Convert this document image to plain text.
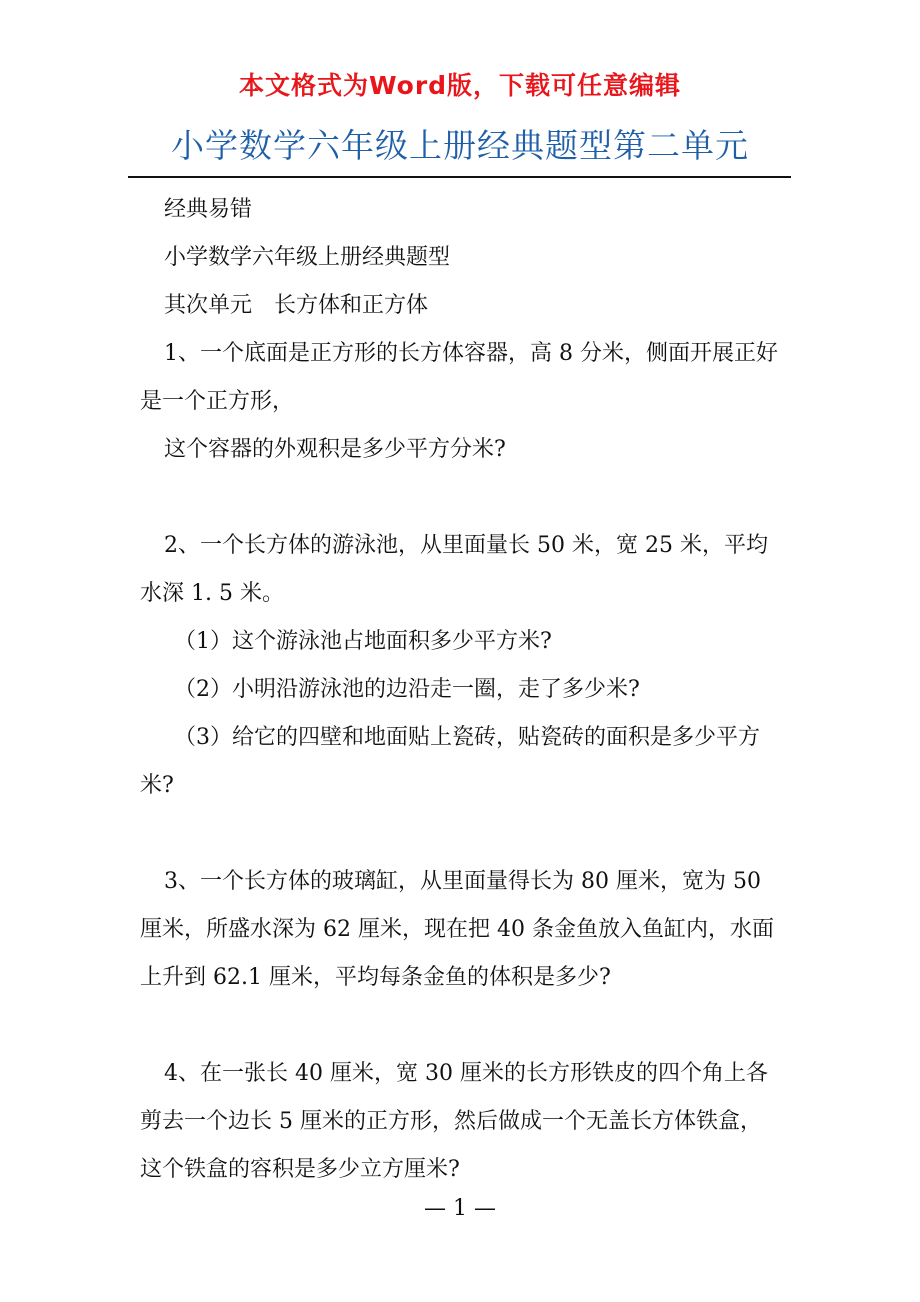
本文格式为Word版，下载可任意编辑
小学数学六年级上册经典题型第二单元

经典易错

小学数学六年级上册经典题型

其次单元　长方体和正方体

1、一个底面是正方形的长方体容器，高 8 分米，侧面开展正好是一个正方形，

这个容器的外观积是多少平方分米?

2、一个长方体的游泳池，从里面量长 50 米，宽 25 米，平均水深 1. 5 米。

（1）这个游泳池占地面积多少平方米?

（2）小明沿游泳池的边沿走一圈，走了多少米?

（3）给它的四壁和地面贴上瓷砖，贴瓷砖的面积是多少平方米?

3、一个长方体的玻璃缸，从里面量得长为 80 厘米，宽为 50 厘米，所盛水深为 62 厘米，现在把 40 条金鱼放入鱼缸内，水面上升到 62.1 厘米，平均每条金鱼的体积是多少?

4、在一张长 40 厘米，宽 30 厘米的长方形铁皮的四个角上各剪去一个边长 5 厘米的正方形，然后做成一个无盖长方体铁盒，这个铁盒的容积是多少立方厘米?

— 1 —
